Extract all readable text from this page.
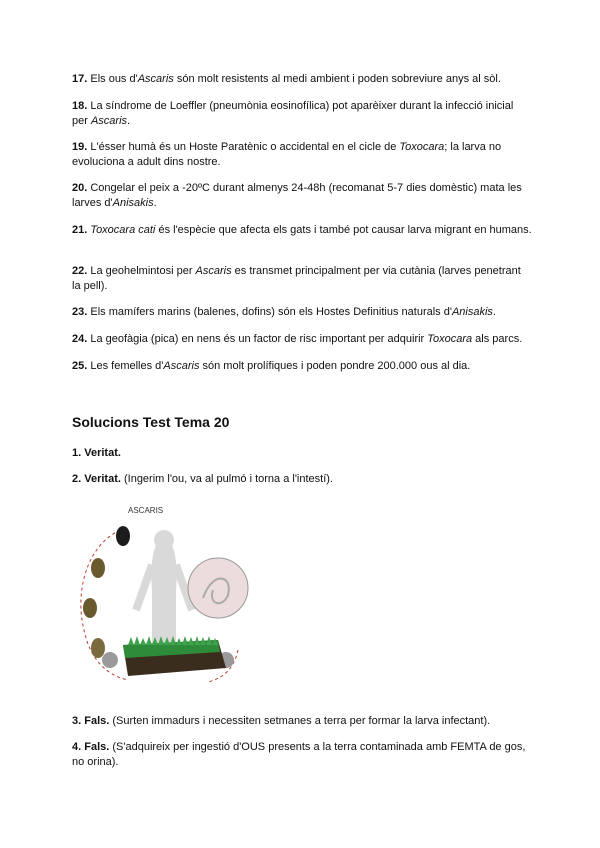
17. Els ous d'Ascaris són molt resistents al medi ambient i poden sobreviure anys al sòl.

18. La síndrome de Loeffler (pneumònia eosinofílica) pot aparèixer durant la infecció inicial per Ascaris.

19. L'ésser humà és un Hoste Paratènic o accidental en el cicle de Toxocara; la larva no evoluciona a adult dins nostre.

20. Congelar el peix a -20ºC durant almenys 24-48h (recomanat 5-7 dies domèstic) mata les larves d'Anisakis.

21. Toxocara cati és l'espècie que afecta els gats i també pot causar larva migrant en humans.

22. La geohelmintosi per Ascaris es transmet principalment per via cutània (larves penetrant la pell).

23. Els mamífers marins (balenes, dofins) són els Hostes Definitius naturals d'Anisakis.

24. La geofàgia (pica) en nens és un factor de risc important per adquirir Toxocara als parcs.

25. Les femelles d'Ascaris són molt prolífiques i poden pondre 200.000 ous al dia.

Solucions Test Tema 20

1. Veritat.

2. Veritat. (Ingerim l'ou, va al pulmó i torna a l'intestí).

ASCARIS

3. Fals. (Surten immadurs i necessiten setmanes a terra per formar la larva infectant).

4. Fals. (S'adquireix per ingestió d'OUS presents a la terra contaminada amb FEMTA de gos, no orina).
